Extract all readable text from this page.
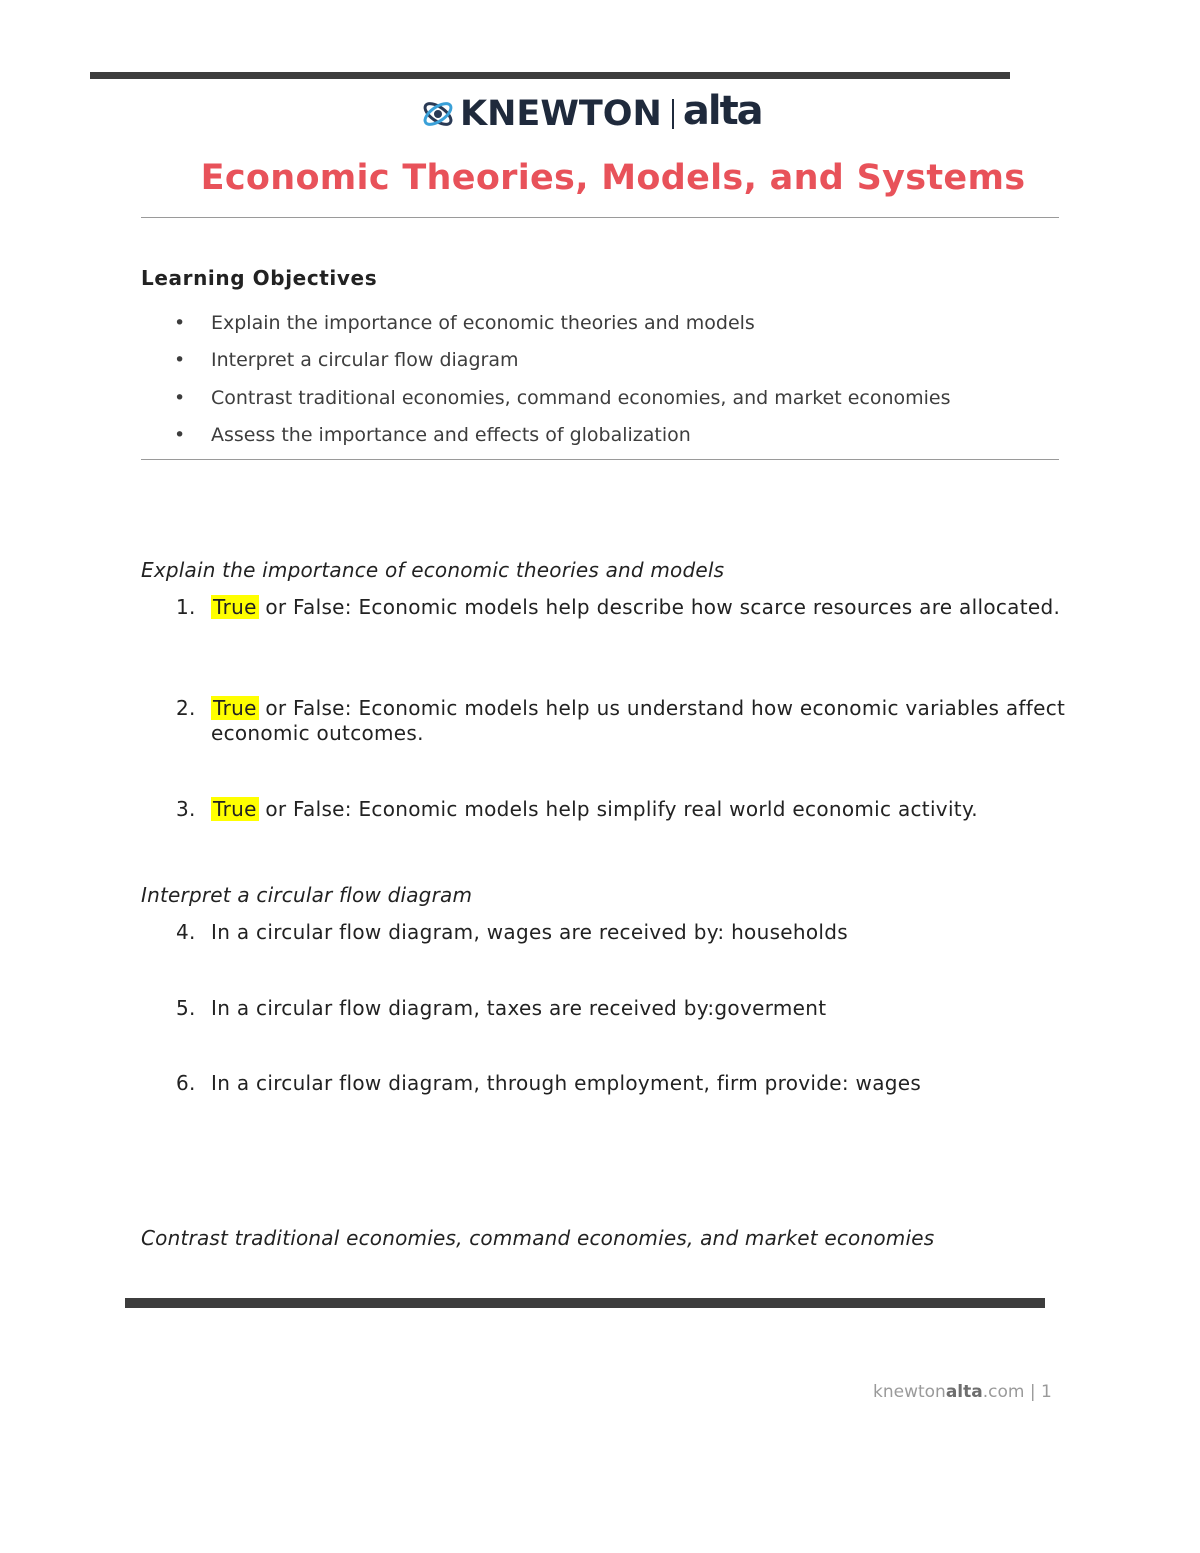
KNEWTON alta
Economic Theories, Models, and Systems
Learning Objectives
• Explain the importance of economic theories and models
• Interpret a circular flow diagram
• Contrast traditional economies, command economies, and market economies
• Assess the importance and effects of globalization
Explain the importance of economic theories and models
1. True or False: Economic models help describe how scarce resources are allocated.
2. True or False: Economic models help us understand how economic variables affect economic outcomes.
3. True or False: Economic models help simplify real world economic activity.
Interpret a circular flow diagram
4. In a circular flow diagram, wages are received by: households
5. In a circular flow diagram, taxes are received by:goverment
6. In a circular flow diagram, through employment, firm provide: wages
Contrast traditional economies, command economies, and market economies
knewtonalta.com | 1
